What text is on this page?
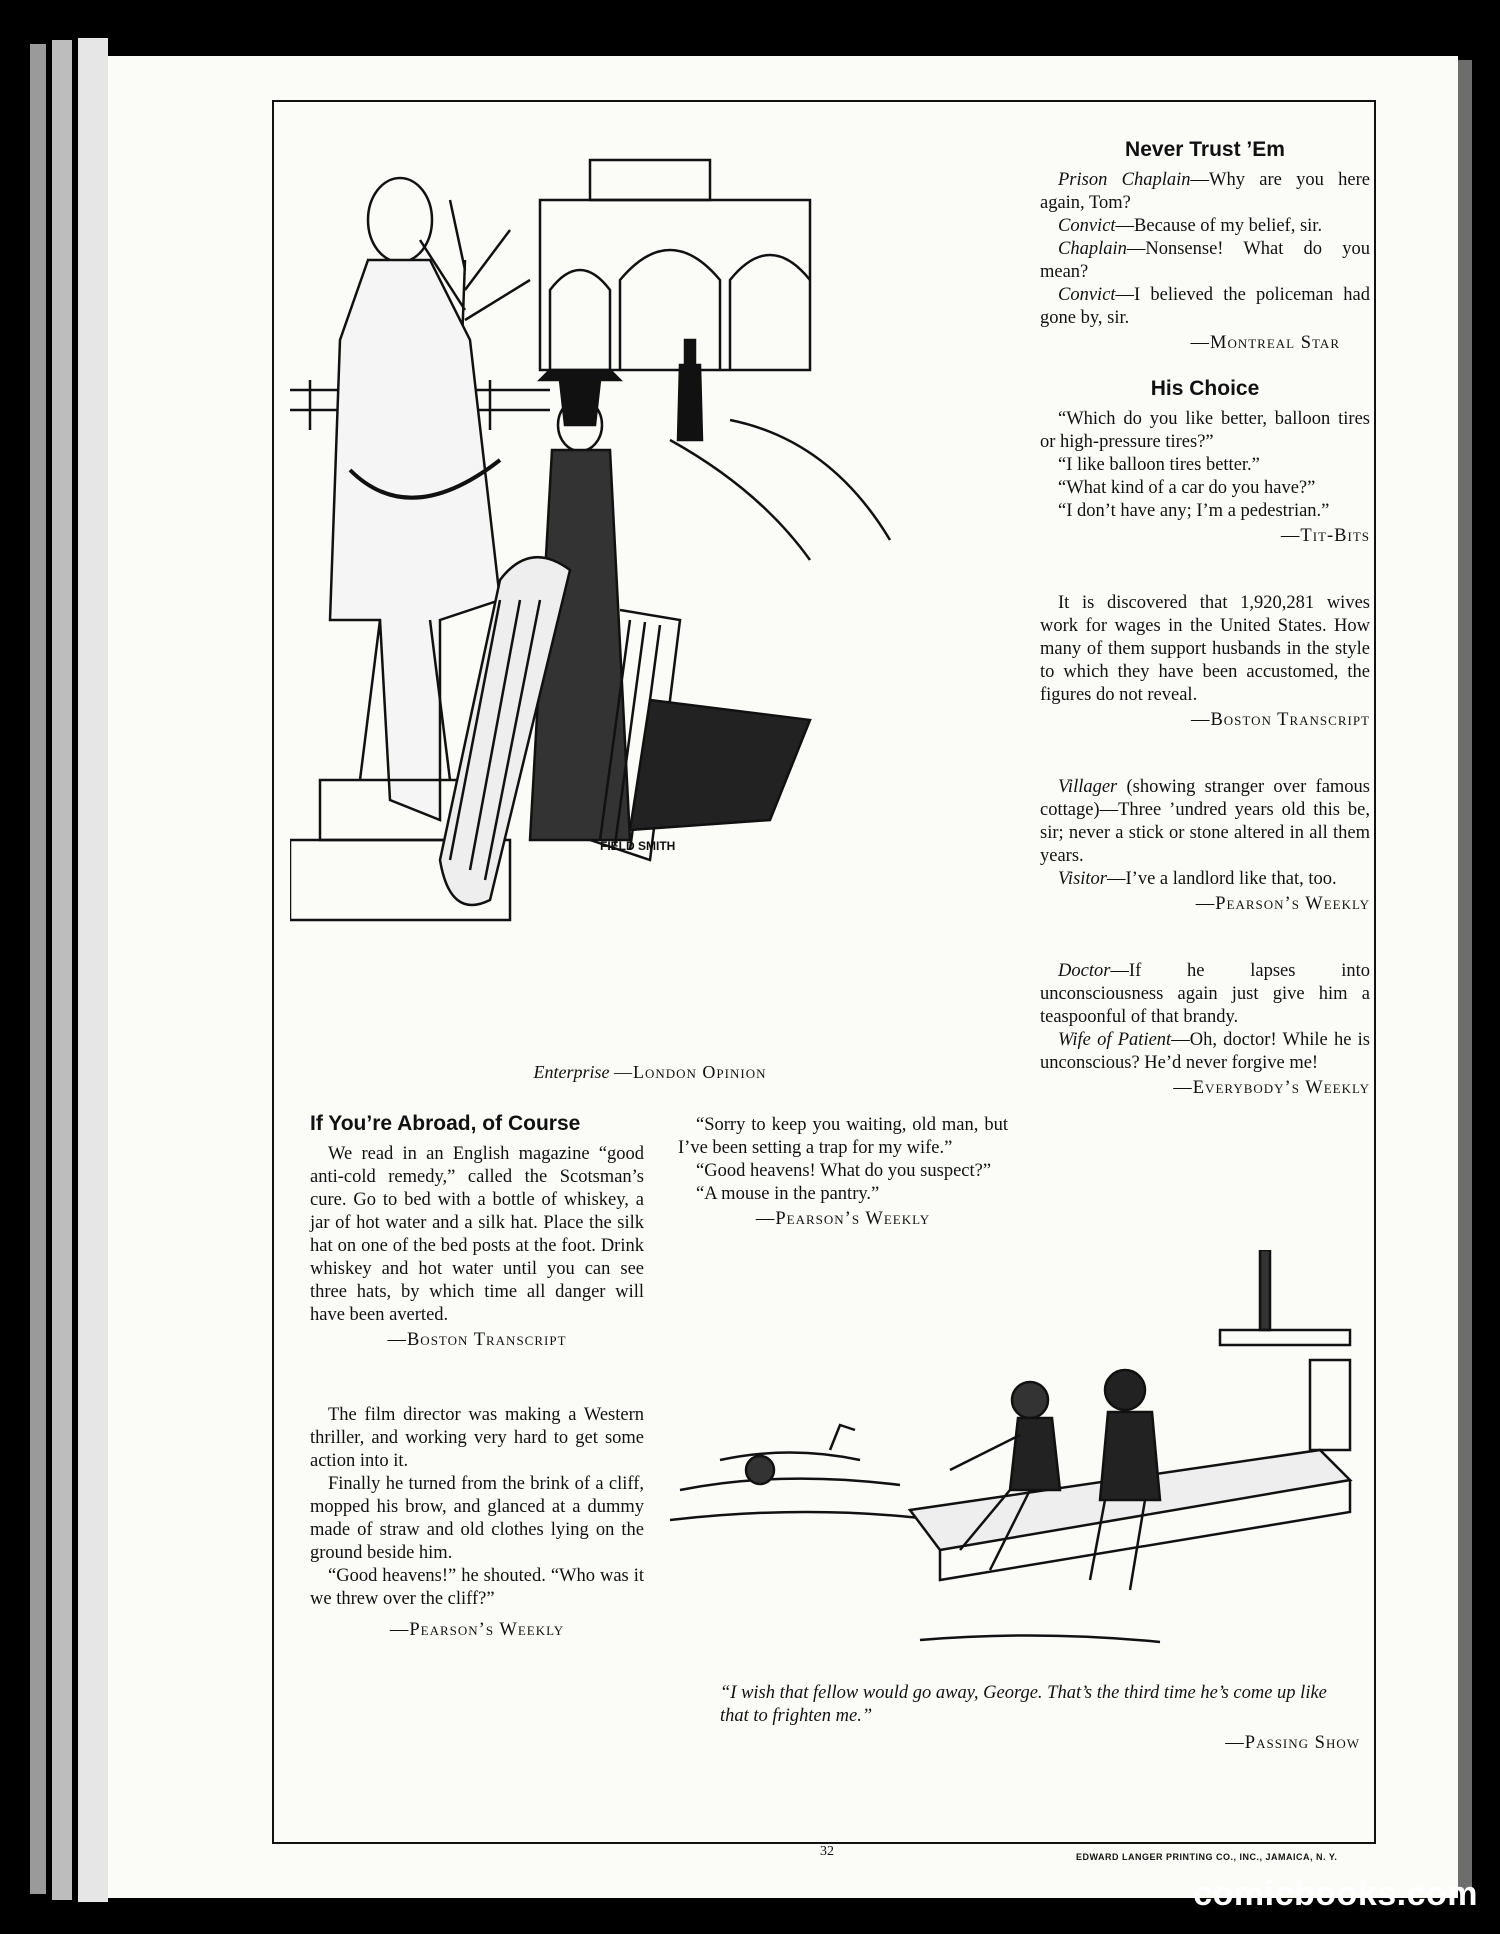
FIELD SMITH
Enterprise —London Opinion
Never Trust ’Em

Prison Chaplain—Why are you here again, Tom?

Convict—Because of my belief, sir.

Chaplain—Nonsense! What do you mean?

Convict—I believed the policeman had gone by, sir.

—Montreal Star
His Choice

“Which do you like better, balloon tires or high-pressure tires?”

“I like balloon tires better.”

“What kind of a car do you have?”

“I don’t have any; I’m a pedestrian.”

—Tit-Bits

It is discovered that 1,920,281 wives work for wages in the United States. How many of them support husbands in the style to which they have been accustomed, the figures do not reveal.

—Boston Transcript

Villager (showing stranger over famous cottage)—Three ’undred years old this be, sir; never a stick or stone altered in all them years.

Visitor—I’ve a landlord like that, too.

—Pearson’s Weekly

Doctor—If he lapses into unconsciousness again just give him a teaspoonful of that brandy.

Wife of Patient—Oh, doctor! While he is unconscious? He’d never forgive me!

—Everybody’s Weekly
If You’re Abroad, of Course

We read in an English magazine “good anti-cold remedy,” called the Scotsman’s cure. Go to bed with a bottle of whiskey, a jar of hot water and a silk hat. Place the silk hat on one of the bed posts at the foot. Drink whiskey and hot water until you can see three hats, by which time all danger will have been averted.

—Boston Transcript

The film director was making a Western thriller, and working very hard to get some action into it.

Finally he turned from the brink of a cliff, mopped his brow, and glanced at a dummy made of straw and old clothes lying on the ground beside him.

“Good heavens!” he shouted. “Who was it we threw over the cliff?”

—Pearson’s Weekly

“Sorry to keep you waiting, old man, but I’ve been setting a trap for my wife.”

“Good heavens! What do you suspect?”

“A mouse in the pantry.”

—Pearson’s Weekly
“I wish that fellow would go away, George. That’s the third time he’s come up like that to frighten me.”
—Passing Show
32	EDWARD LANGER PRINTING CO., INC., JAMAICA, N. Y.
comicbooks.com
